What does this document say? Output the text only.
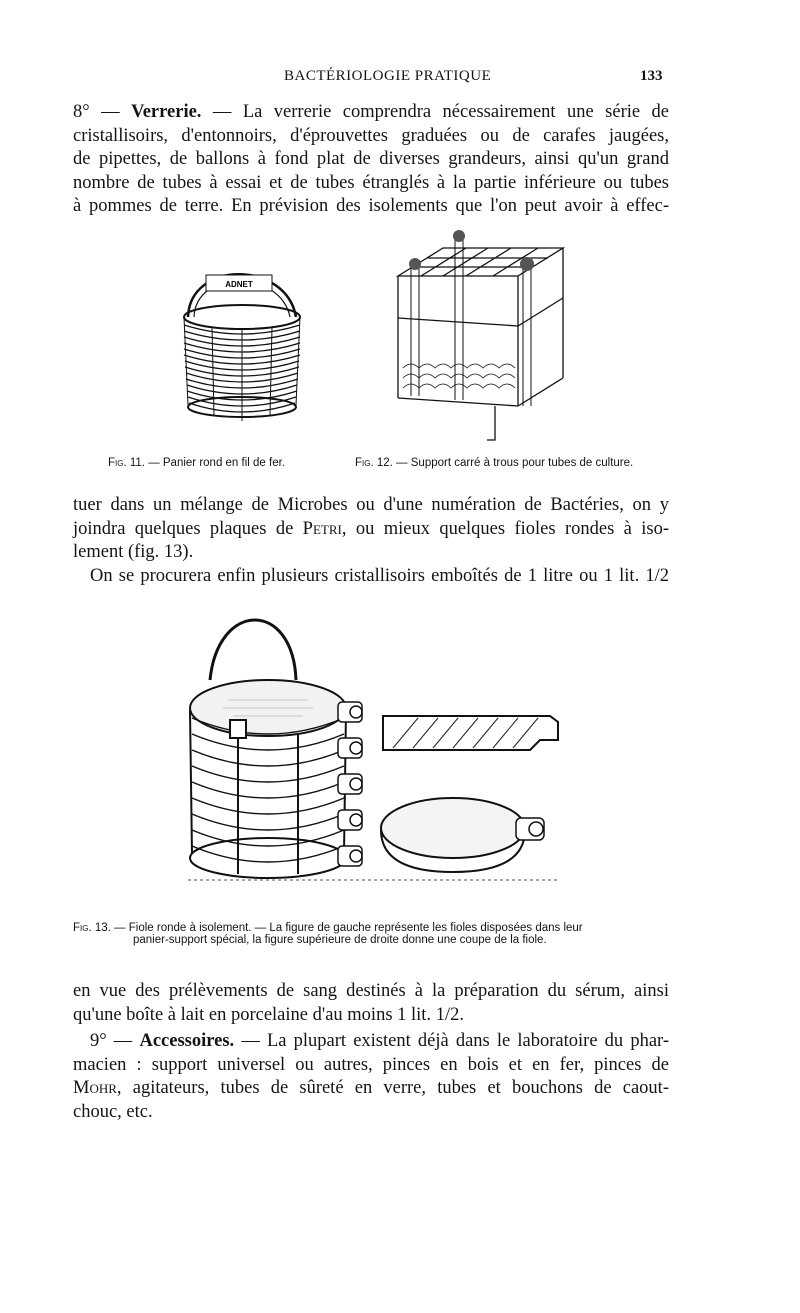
BACTÉRIOLOGIE PRATIQUE	133
8° — Verrerie. — La verrerie comprendra nécessairement une série de
cristallisoirs, d'entonnoirs, d'éprouvettes graduées ou de carafes jaugées,
de pipettes, de ballons à fond plat de diverses grandeurs, ainsi qu'un grand
nombre de tubes à essai et de tubes étranglés à la partie inférieure ou tubes
à pommes de terre. En prévision des isolements que l'on peut avoir à effec-
ADNET
Fig. 11. — Panier rond en fil de fer.	Fig. 12. — Support carré à trous pour tubes de culture.
tuer dans un mélange de Microbes ou d'une numération de Bactéries, on y
joindra quelques plaques de Petri, ou mieux quelques fioles rondes à iso-
lement (fig. 13).
On se procurera enfin plusieurs cristallisoirs emboîtés de 1 litre ou 1 lit. 1/2
Fig. 13. — Fiole ronde à isolement. — La figure de gauche représente les fioles disposées dans leur
panier-support spécial, la figure supérieure de droite donne une coupe de la fiole.
en vue des prélèvements de sang destinés à la préparation du sérum, ainsi
qu'une boîte à lait en porcelaine d'au moins 1 lit. 1/2.
9° — Accessoires. — La plupart existent déjà dans le laboratoire du phar-
macien : support universel ou autres, pinces en bois et en fer, pinces de
Mohr, agitateurs, tubes de sûreté en verre, tubes et bouchons de caout-
chouc, etc.
